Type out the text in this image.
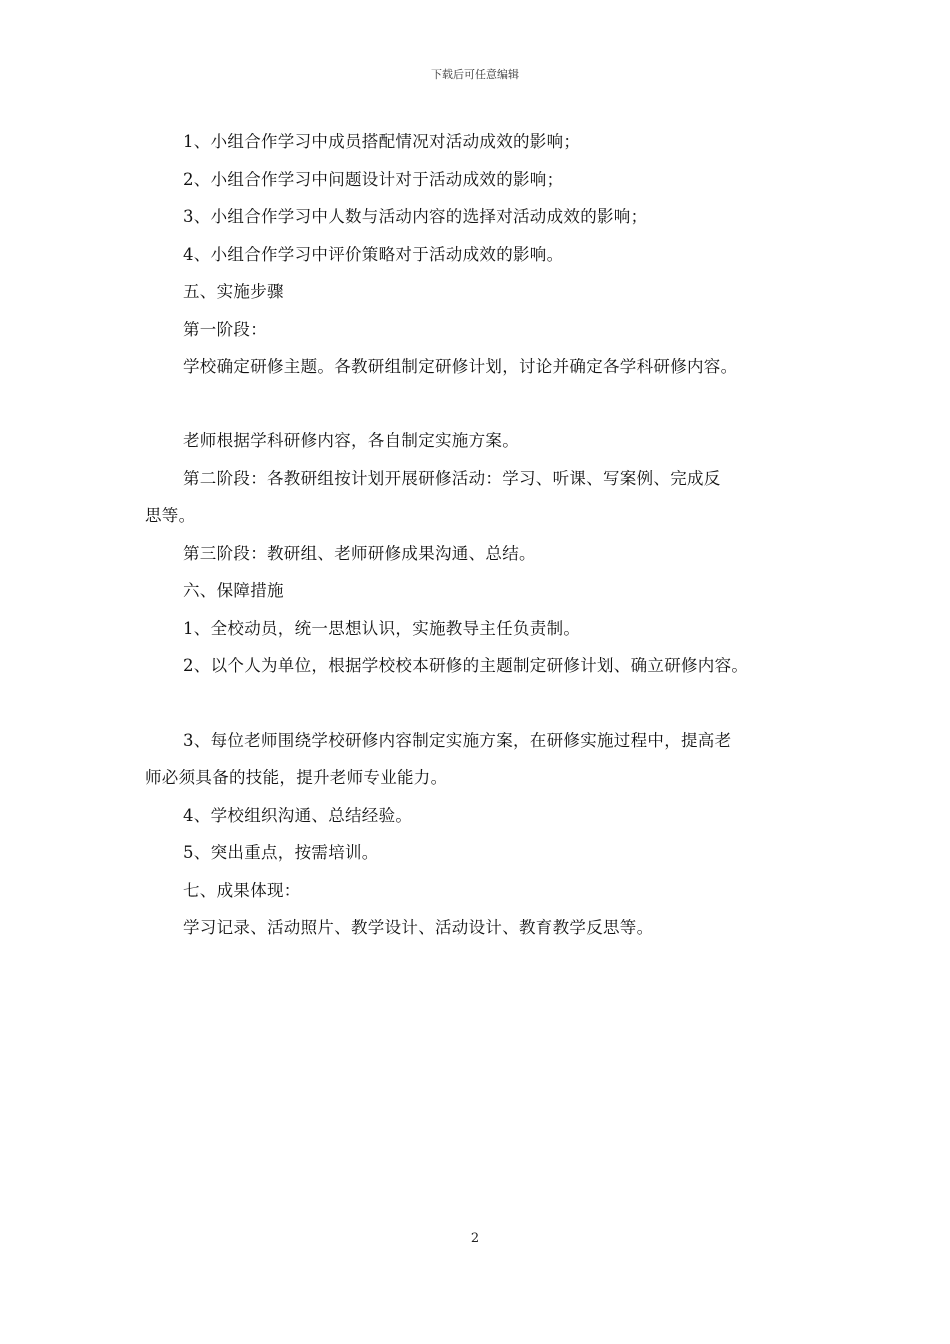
下载后可任意编辑
1、小组合作学习中成员搭配情况对活动成效的影响；
2、小组合作学习中问题设计对于活动成效的影响；
3、小组合作学习中人数与活动内容的选择对活动成效的影响；
4、小组合作学习中评价策略对于活动成效的影响。
五、实施步骤
第一阶段：
学校确定研修主题。各教研组制定研修计划，讨论并确定各学科研修内容。
老师根据学科研修内容，各自制定实施方案。
第二阶段：各教研组按计划开展研修活动：学习、听课、写案例、完成反
思等。
第三阶段：教研组、老师研修成果沟通、总结。
六、保障措施
1、全校动员，统一思想认识，实施教导主任负责制。
2、以个人为单位，根据学校校本研修的主题制定研修计划、确立研修内容。
3、每位老师围绕学校研修内容制定实施方案，在研修实施过程中，提高老
师必须具备的技能，提升老师专业能力。
4、学校组织沟通、总结经验。
5、突出重点，按需培训。
七、成果体现：
学习记录、活动照片、教学设计、活动设计、教育教学反思等。
2
